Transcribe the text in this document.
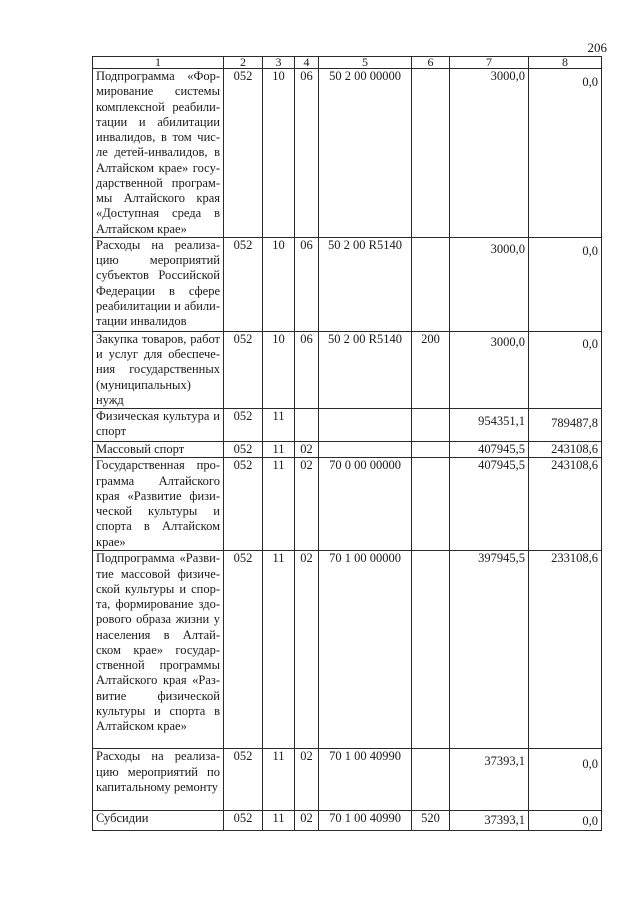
206
1	2	3	4	5	6	7	8
Подпрограмма «Формирование системы комплексной реабилитации и абилитации инвалидов, в том числе детей-инвалидов, в Алтайском крае» государственной программы Алтайского края «Доступная среда в Алтайском крае»	052	10	06	50 2 00 00000		3000,0	0,0
Расходы на реализацию мероприятий субъектов Российской Федерации в сфере реабилитации и абилитации инвалидов	052	10	06	50 2 00 R5140		3000,0	0,0
Закупка товаров, работ и услуг для обеспечения государственных (муниципальных) нужд	052	10	06	50 2 00 R5140	200	3000,0	0,0
Физическая культура и спорт	052	11				954351,1	789487,8
Массовый спорт	052	11	02			407945,5	243108,6
Государственная программа Алтайского края «Развитие физической культуры и спорта в Алтайском крае»	052	11	02	70 0 00 00000		407945,5	243108,6
Подпрограмма «Развитие массовой физической культуры и спорта, формирование здорового образа жизни у населения в Алтайском крае» государственной программы Алтайского края «Развитие физической культуры и спорта в Алтайском крае»	052	11	02	70 1 00 00000		397945,5	233108,6
Расходы на реализацию мероприятий по капитальному ремонту	052	11	02	70 1 00 40990		37393,1	0,0
Субсидии	052	11	02	70 1 00 40990	520	37393,1	0,0
